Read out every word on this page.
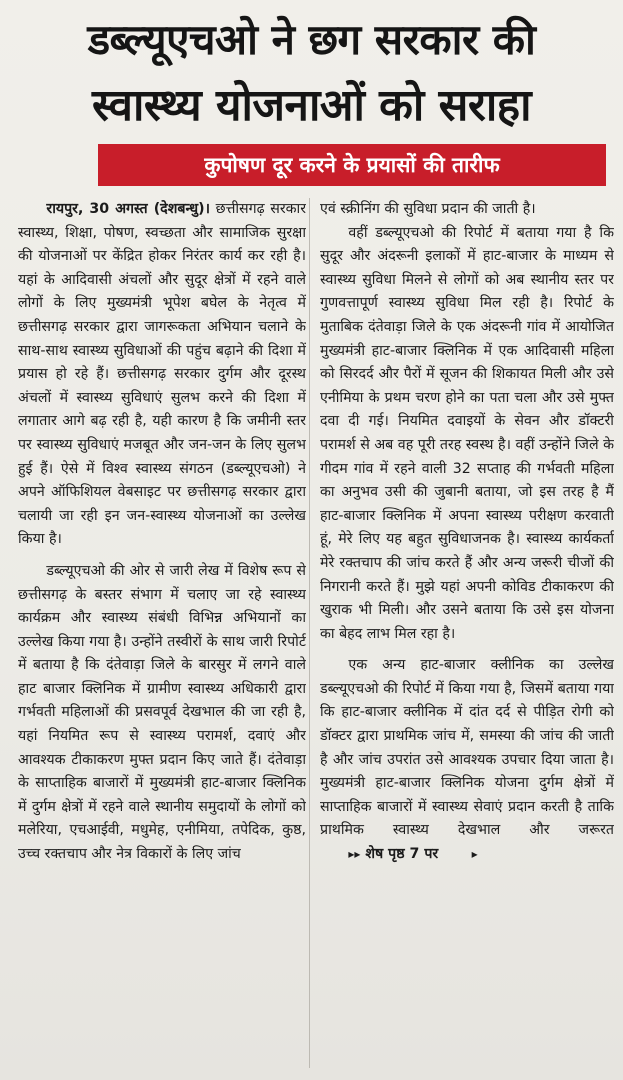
डब्ल्यूएचओ ने छग सरकार की
स्वास्थ्य योजनाओं को सराहा
कुपोषण दूर करने के प्रयासों की तारीफ

रायपुर, 30 अगस्त (देशबन्धु)। छत्तीसगढ़ सरकार स्वास्थ्य, शिक्षा, पोषण, स्वच्छता और सामाजिक सुरक्षा की योजनाओं पर केंद्रित होकर निरंतर कार्य कर रही है। यहां के आदिवासी अंचलों और सुदूर क्षेत्रों में रहने वाले लोगों के लिए मुख्यमंत्री भूपेश बघेल के नेतृत्व में छत्तीसगढ़ सरकार द्वारा जागरूकता अभियान चलाने के साथ-साथ स्वास्थ्य सुविधाओं की पहुंच बढ़ाने की दिशा में प्रयास हो रहे हैं। छत्तीसगढ़ सरकार दुर्गम और दूरस्थ अंचलों में स्वास्थ्य सुविधाएं सुलभ करने की दिशा में लगातार आगे बढ़ रही है, यही कारण है कि जमीनी स्तर पर स्वास्थ्य सुविधाएं मजबूत और जन-जन के लिए सुलभ हुई हैं। ऐसे में विश्व स्वास्थ्य संगठन (डब्ल्यूएचओ) ने अपने ऑफिशियल वेबसाइट पर छत्तीसगढ़ सरकार द्वारा चलायी जा रही इन जन-स्वास्थ्य योजनाओं का उल्लेख किया है।

डब्ल्यूएचओ की ओर से जारी लेख में विशेष रूप से छत्तीसगढ़ के बस्तर संभाग में चलाए जा रहे स्वास्थ्य कार्यक्रम और स्वास्थ्य संबंधी विभिन्न अभियानों का उल्लेख किया गया है। उन्होंने तस्वीरों के साथ जारी रिपोर्ट में बताया है कि दंतेवाड़ा जिले के बारसुर में लगने वाले हाट बाजार क्लिनिक में ग्रामीण स्वास्थ्य अधिकारी द्वारा गर्भवती महिलाओं की प्रसवपूर्व देखभाल की जा रही है, यहां नियमित रूप से स्वास्थ्य परामर्श, दवाएं और आवश्यक टीकाकरण मुफ्त प्रदान किए जाते हैं। दंतेवाड़ा के साप्ताहिक बाजारों में मुख्यमंत्री हाट-बाजार क्लिनिक में दुर्गम क्षेत्रों में रहने वाले स्थानीय समुदायों के लोगों को मलेरिया, एचआईवी, मधुमेह, एनीमिया, तपेदिक, कुष्ठ, उच्च रक्तचाप और नेत्र विकारों के लिए जांच

एवं स्क्रीनिंग की सुविधा प्रदान की जाती है।

वहीं डब्ल्यूएचओ की रिपोर्ट में बताया गया है कि सुदूर और अंदरूनी इलाकों में हाट-बाजार के माध्यम से स्वास्थ्य सुविधा मिलने से लोगों को अब स्थानीय स्तर पर गुणवत्तापूर्ण स्वास्थ्य सुविधा मिल रही है। रिपोर्ट के मुताबिक दंतेवाड़ा जिले के एक अंदरूनी गांव में आयोजित मुख्यमंत्री हाट-बाजार क्लिनिक में एक आदिवासी महिला को सिरदर्द और पैरों में सूजन की शिकायत मिली और उसे एनीमिया के प्रथम चरण होने का पता चला और उसे मुफ्त दवा दी गई। नियमित दवाइयों के सेवन और डॉक्टरी परामर्श से अब वह पूरी तरह स्वस्थ है। वहीं उन्होंने जिले के गीदम गांव में रहने वाली 32 सप्ताह की गर्भवती महिला का अनुभव उसी की जुबानी बताया, जो इस तरह है मैं हाट-बाजार क्लिनिक में अपना स्वास्थ्य परीक्षण करवाती हूं, मेरे लिए यह बहुत सुविधाजनक है। स्वास्थ्य कार्यकर्ता मेरे रक्तचाप की जांच करते हैं और अन्य जरूरी चीजों की निगरानी करते हैं। मुझे यहां अपनी कोविड टीकाकरण की खुराक भी मिली। और उसने बताया कि उसे इस योजना का बेहद लाभ मिल रहा है।

एक अन्य हाट-बाजार क्लीनिक का उल्लेख डब्ल्यूएचओ की रिपोर्ट में किया गया है, जिसमें बताया गया कि हाट-बाजार क्लीनिक में दांत दर्द से पीड़ित रोगी को डॉक्टर द्वारा प्राथमिक जांच में, समस्या की जांच की जाती है और जांच उपरांत उसे आवश्यक उपचार दिया जाता है। मुख्यमंत्री हाट-बाजार क्लिनिक योजना दुर्गम क्षेत्रों में साप्ताहिक बाजारों में स्वास्थ्य सेवाएं प्रदान करती है ताकि प्राथमिक स्वास्थ्य देखभाल और जरूरत ▸▸ शेष पृष्ठ 7 पर	▸
